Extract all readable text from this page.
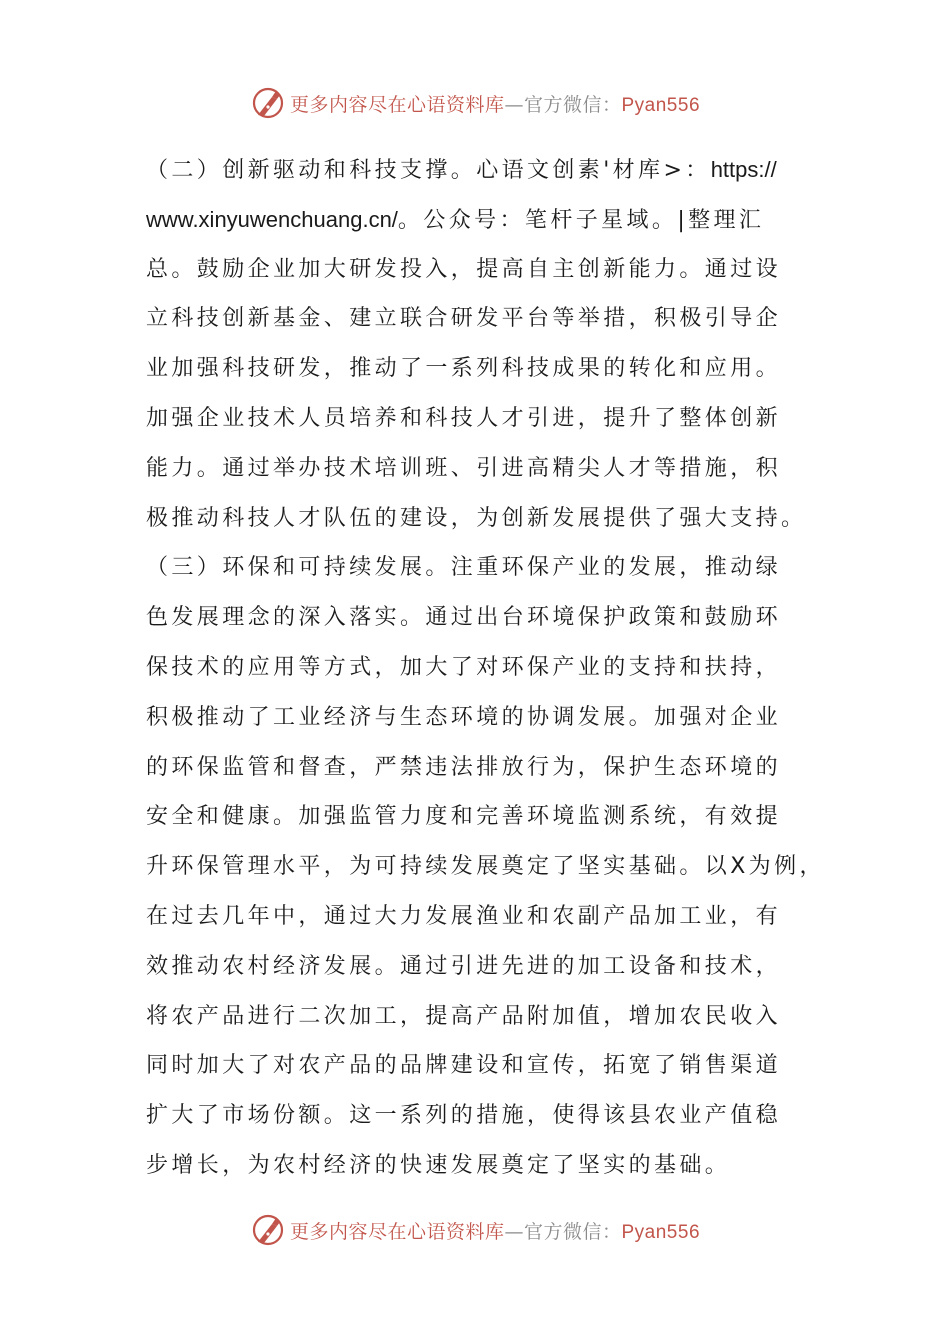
更多内容尽在心语资料库—官方微信：Pyan556
（二）创新驱动和科技支撑。心语文创素'材库>：https://
www.xinyuwenchuang.cn/。公众号：笔杆子星域。|整理汇
总。鼓励企业加大研发投入，提高自主创新能力。通过设
立科技创新基金、建立联合研发平台等举措，积极引导企
业加强科技研发，推动了一系列科技成果的转化和应用。
加强企业技术人员培养和科技人才引进，提升了整体创新
能力。通过举办技术培训班、引进高精尖人才等措施，积
极推动科技人才队伍的建设，为创新发展提供了强大支持。
（三）环保和可持续发展。注重环保产业的发展，推动绿
色发展理念的深入落实。通过出台环境保护政策和鼓励环
保技术的应用等方式，加大了对环保产业的支持和扶持，
积极推动了工业经济与生态环境的协调发展。加强对企业
的环保监管和督查，严禁违法排放行为，保护生态环境的
安全和健康。加强监管力度和完善环境监测系统，有效提
升环保管理水平，为可持续发展奠定了坚实基础。以X为例，
在过去几年中，通过大力发展渔业和农副产品加工业，有
效推动农村经济发展。通过引进先进的加工设备和技术，
将农产品进行二次加工，提高产品附加值，增加农民收入
同时加大了对农产品的品牌建设和宣传，拓宽了销售渠道
扩大了市场份额。这一系列的措施，使得该县农业产值稳
步增长，为农村经济的快速发展奠定了坚实的基础。
更多内容尽在心语资料库—官方微信：Pyan556
